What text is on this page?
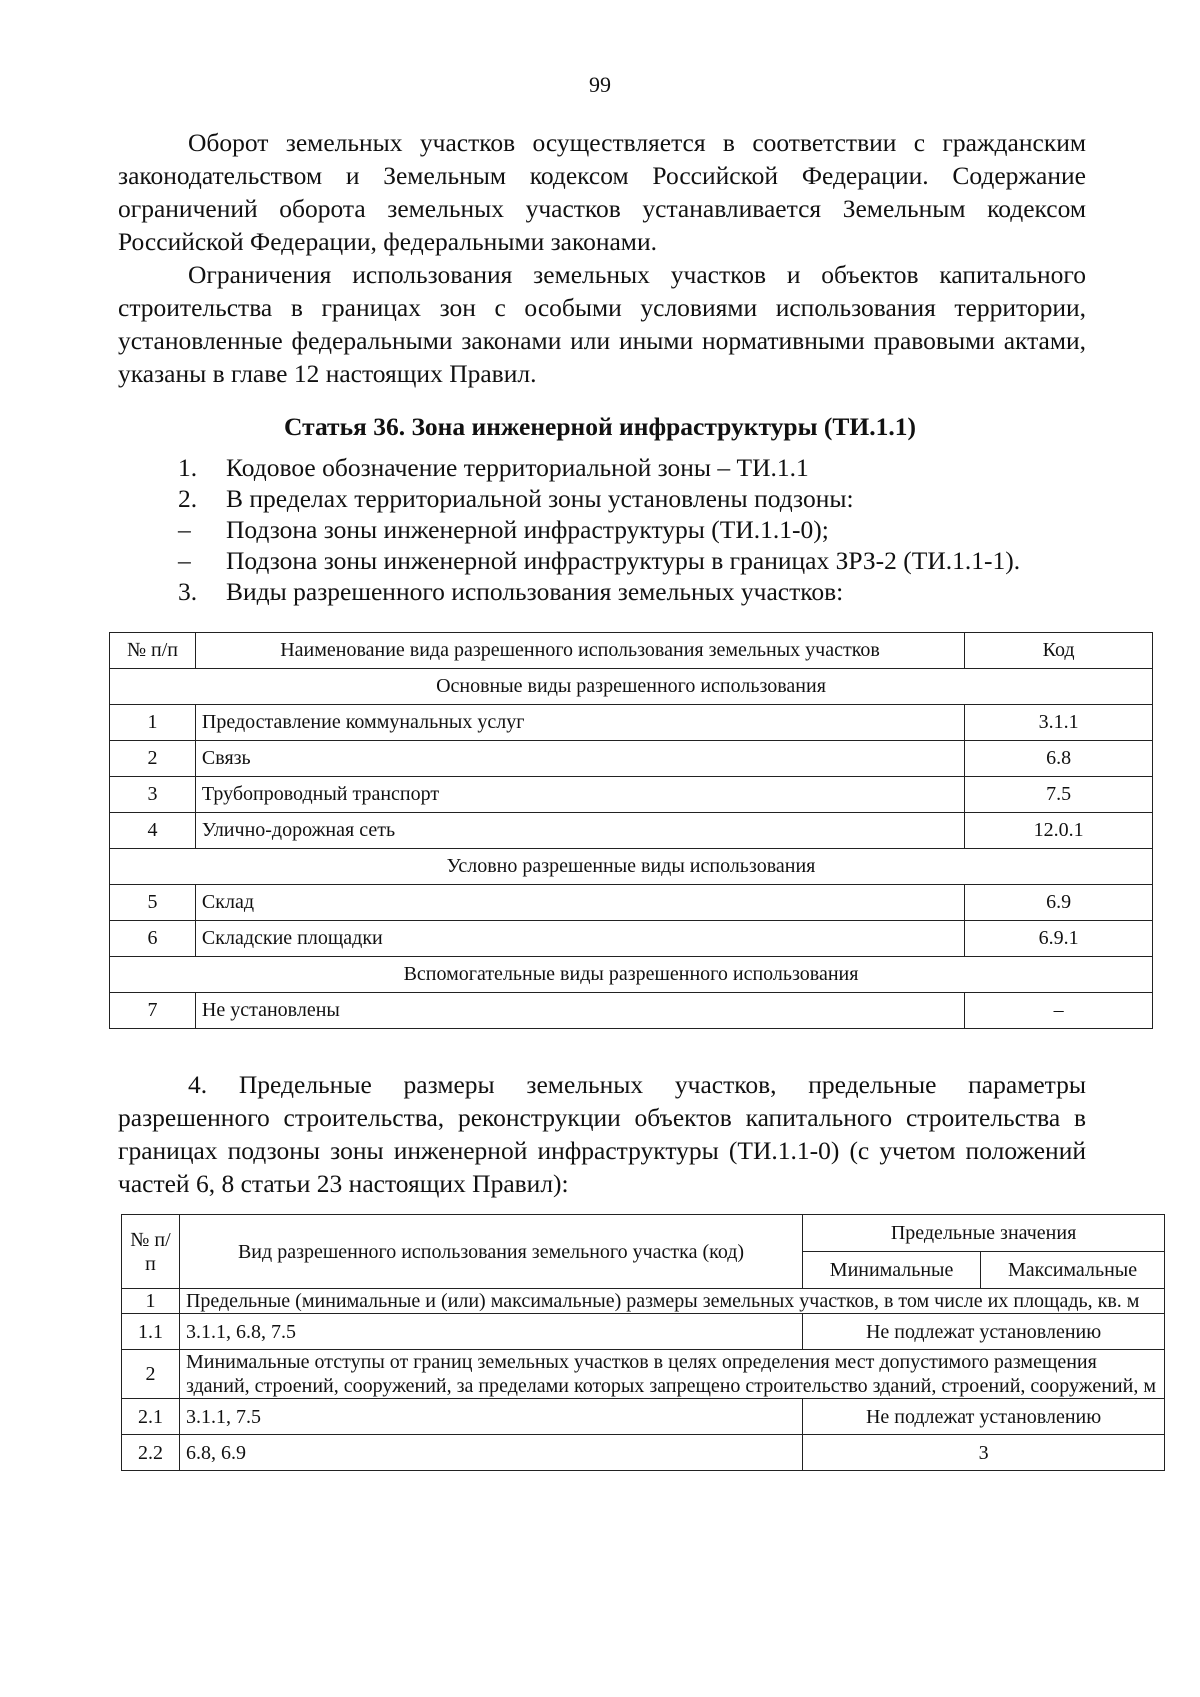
99

Оборот земельных участков осуществляется в соответствии с гражданским законодательством и Земельным кодексом Российской Федерации. Содержание ограничений оборота земельных участков устанавливается Земельным кодексом Российской Федерации, федеральными законами.

Ограничения использования земельных участков и объектов капитального строительства в границах зон с особыми условиями использования территории, установленные федеральными законами или иными нормативными правовыми актами, указаны в главе 12 настоящих Правил.

Статья 36. Зона инженерной инфраструктуры (ТИ.1.1)
1.	Кодовое обозначение территориальной зоны – ТИ.1.1
2.	В пределах территориальной зоны установлены подзоны:
–	Подзона зоны инженерной инфраструктуры (ТИ.1.1-0);
–	Подзона зоны инженерной инфраструктуры в границах ЗРЗ-2 (ТИ.1.1-1).
3.	Виды разрешенного использования земельных участков:
№ п/п	Наименование вида разрешенного использования земельных участков	Код
Основные виды разрешенного использования		
1	Предоставление коммунальных услуг	3.1.1
2	Связь	6.8
3	Трубопроводный транспорт	7.5
4	Улично-дорожная сеть	12.0.1
Условно разрешенные виды использования		
5	Склад	6.9
6	Складские площадки	6.9.1
Вспомогательные виды разрешенного использования		
7	Не установлены	–

4. Предельные размеры земельных участков, предельные параметры разрешенного строительства, реконструкции объектов капитального строительства в границах подзоны зоны инженерной инфраструктуры (ТИ.1.1-0) (с учетом положений частей 6, 8 статьи 23 настоящих Правил):

№ п/п	Вид разрешенного использования земельного участка (код)	Предельные значения	
		Минимальные	Максимальные
1	Предельные (минимальные и (или) максимальные) размеры земельных участков, в том числе их площадь, кв. м		
1.1	3.1.1, 6.8, 7.5	Не подлежат установлению	
2	Минимальные отступы от границ земельных участков в целях определения мест допустимого размещения зданий, строений, сооружений, за пределами которых запрещено строительство зданий, строений, сооружений, м		
2.1	3.1.1, 7.5	Не подлежат установлению	
2.2	6.8, 6.9	3	
